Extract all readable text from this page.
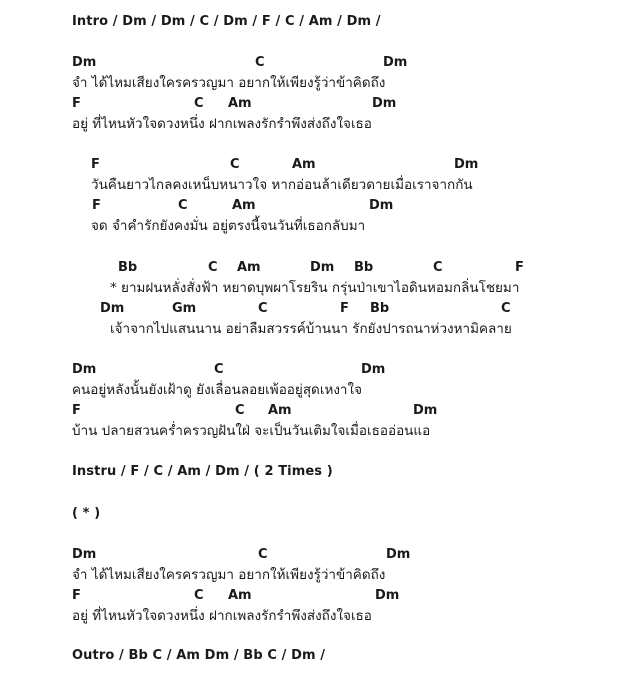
Intro / Dm / Dm / C / Dm / F / C / Am / Dm /
Dm	C	Dm
จำ ได้ไหมเสียงใครครวญมา อยากให้เพียงรู้ว่าข้าคิดถึง
F	C Am	Dm
อยู่ ที่ไหนหัวใจดวงหนึ่ง ฝากเพลงรักรำพึงส่งถึงใจเธอ
F	C	Am	Dm
วันคืนยาวไกลคงเหน็บหนาวใจ หากอ่อนล้าเดียวดายเมื่อเราจากกัน
F	C	Am	Dm
จด จำคำรักยังคงมั่น อยู่ตรงนี้จนวันที่เธอกลับมา
Bb	C Am	Dm Bb	C	F
* ยามฝนหลั่งสั่งฟ้า หยาดบุพผาโรยริน กรุ่นป่าเขาไอดินหอมกลิ่นโชยมา
Dm	Gm	C	F Bb	C
เจ้าจากไปแสนนาน อย่าลืมสวรรค์บ้านนา รักยังปารถนาห่วงหามิคลาย
Dm	C	Dm
คนอยู่หลังนั้นยังเฝ้าดู ยังเลื่อนลอยเพ้ออยู่สุดเหงาใจ
F	C Am	Dm
บ้าน ปลายสวนคร่ำครวญฝันใฝ่ จะเป็นวันเติมใจเมื่อเธออ่อนแอ
Instru / F / C / Am / Dm / ( 2 Times )
( * )
Dm	C	Dm
จำ ได้ไหมเสียงใครครวญมา อยากให้เพียงรู้ว่าข้าคิดถึง
F	C Am	Dm
อยู่ ที่ไหนหัวใจดวงหนึ่ง ฝากเพลงรักรำพึงส่งถึงใจเธอ
Outro / Bb C / Am Dm / Bb C / Dm /
